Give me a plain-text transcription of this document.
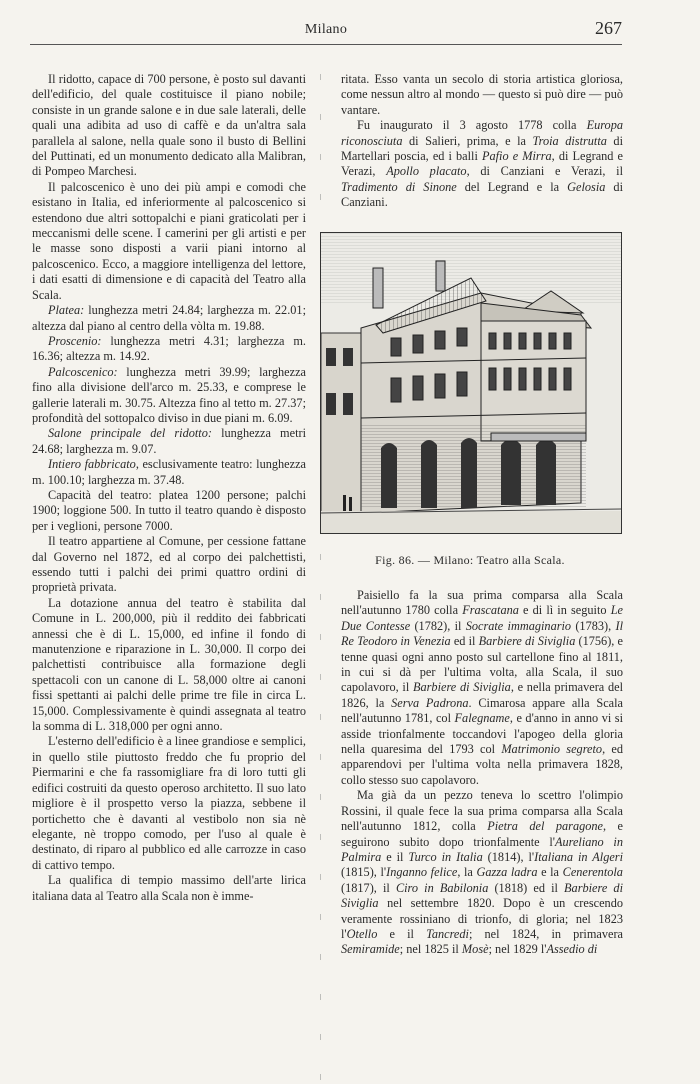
Milano	267

Il ridotto, capace di 700 persone, è posto sul davanti dell'edificio, del quale costituisce il piano nobile; consiste in un grande salone e in due sale laterali, delle quali una adibita ad uso di caffè e da un'altra sala parallela al salone, nella quale sono il busto di Bellini del Puttinati, ed un monumento dedicato alla Malibran, di Pompeo Marchesi.

Il palcoscenico è uno dei più ampi e comodi che esistano in Italia, ed inferiormente al palcoscenico si estendono due altri sottopalchi e piani graticolati per i meccanismi delle scene. I camerini per gli artisti e per le masse sono disposti a varii piani intorno al palcoscenico. Ecco, a maggiore intelligenza del lettore, i dati esatti di dimensione e di capacità del Teatro alla Scala.

Platea: lunghezza metri 24.84; larghezza m. 22.01; altezza dal piano al centro della vòlta m. 19.88.

Proscenio: lunghezza metri 4.31; larghezza m. 16.36; altezza m. 14.92.

Palcoscenico: lunghezza metri 39.99; larghezza fino alla divisione dell'arco m. 25.33, e comprese le gallerie laterali m. 30.75. Altezza fino al tetto m. 27.37; profondità del sottopalco diviso in due piani m. 6.09.

Salone principale del ridotto: lunghezza metri 24.68; larghezza m. 9.07.

Intiero fabbricato, esclusivamente teatro: lunghezza m. 100.10; larghezza m. 37.48.

Capacità del teatro: platea 1200 persone; palchi 1900; loggione 500. In tutto il teatro quando è disposto per i veglioni, persone 7000.

Il teatro appartiene al Comune, per cessione fattane dal Governo nel 1872, ed al corpo dei palchettisti, essendo tutti i palchi dei primi quattro ordini di proprietà privata.

La dotazione annua del teatro è stabilita dal Comune in L. 200,000, più il reddito dei fabbricati annessi che è di L. 15,000, ed infine il fondo di manutenzione e riparazione in L. 30,000. Il corpo dei palchettisti contribuisce alla formazione degli spettacoli con un canone di L. 58,000 oltre ai canoni fissi spettanti ai palchi delle prime tre file in circa L. 15,000. Complessivamente è quindi assegnata al teatro la somma di L. 318,000 per ogni anno.

L'esterno dell'edificio è a linee grandiose e semplici, in quello stile piuttosto freddo che fu proprio del Piermarini e che fa rassomigliare fra di loro tutti gli edifici costruiti da questo operoso architetto. Il suo lato migliore è il prospetto verso la piazza, sebbene il portichetto che è davanti al vestibolo non sia nè elegante, nè troppo comodo, per l'uso al quale è destinato, di riparo al pubblico ed alle carrozze in caso di cattivo tempo.

La qualifica di tempio massimo dell'arte lirica italiana data al Teatro alla Scala non è imme-

ritata. Esso vanta un secolo di storia artistica gloriosa, come nessun altro al mondo — questo si può dire — può vantare.

Fu inaugurato il 3 agosto 1778 colla Europa riconosciuta di Salieri, prima, e la Troia distrutta di Martellari poscia, ed i balli Pafio e Mirra, di Legrand e Verazi, Apollo placato, di Canziani e Verazi, il Tradimento di Sinone del Legrand e la Gelosia di Canziani.

Fig. 86. — Milano: Teatro alla Scala.

Paisiello fa la sua prima comparsa alla Scala nell'autunno 1780 colla Frascatana e di lì in seguito Le Due Contesse (1782), il Socrate immaginario (1783), Il Re Teodoro in Venezia ed il Barbiere di Siviglia (1756), e tenne quasi ogni anno posto sul cartellone fino al 1811, in cui si dà per l'ultima volta, alla Scala, il suo capolavoro, il Barbiere di Siviglia, e nella primavera del 1826, la Serva Padrona. Cimarosa appare alla Scala nell'autunno 1781, col Falegname, e d'anno in anno vi si asside trionfalmente toccandovi l'apogeo della gloria nella quaresima del 1793 col Matrimonio segreto, ed apparendovi per l'ultima volta nella primavera 1828, collo stesso suo capolavoro.

Ma già da un pezzo teneva lo scettro l'olimpio Rossini, il quale fece la sua prima comparsa alla Scala nell'autunno 1812, colla Pietra del paragone, e seguirono subito dopo trionfalmente l'Aureliano in Palmira e il Turco in Italia (1814), l'Italiana in Algeri (1815), l'Inganno felice, la Gazza ladra e la Cenerentola (1817), il Ciro in Babilonia (1818) ed il Barbiere di Siviglia nel settembre 1820. Dopo è un crescendo veramente rossiniano di trionfo, di gloria; nel 1823 l'Otello e il Tancredi; nel 1824, in primavera Semiramide; nel 1825 il Mosè; nel 1829 l'Assedio di
